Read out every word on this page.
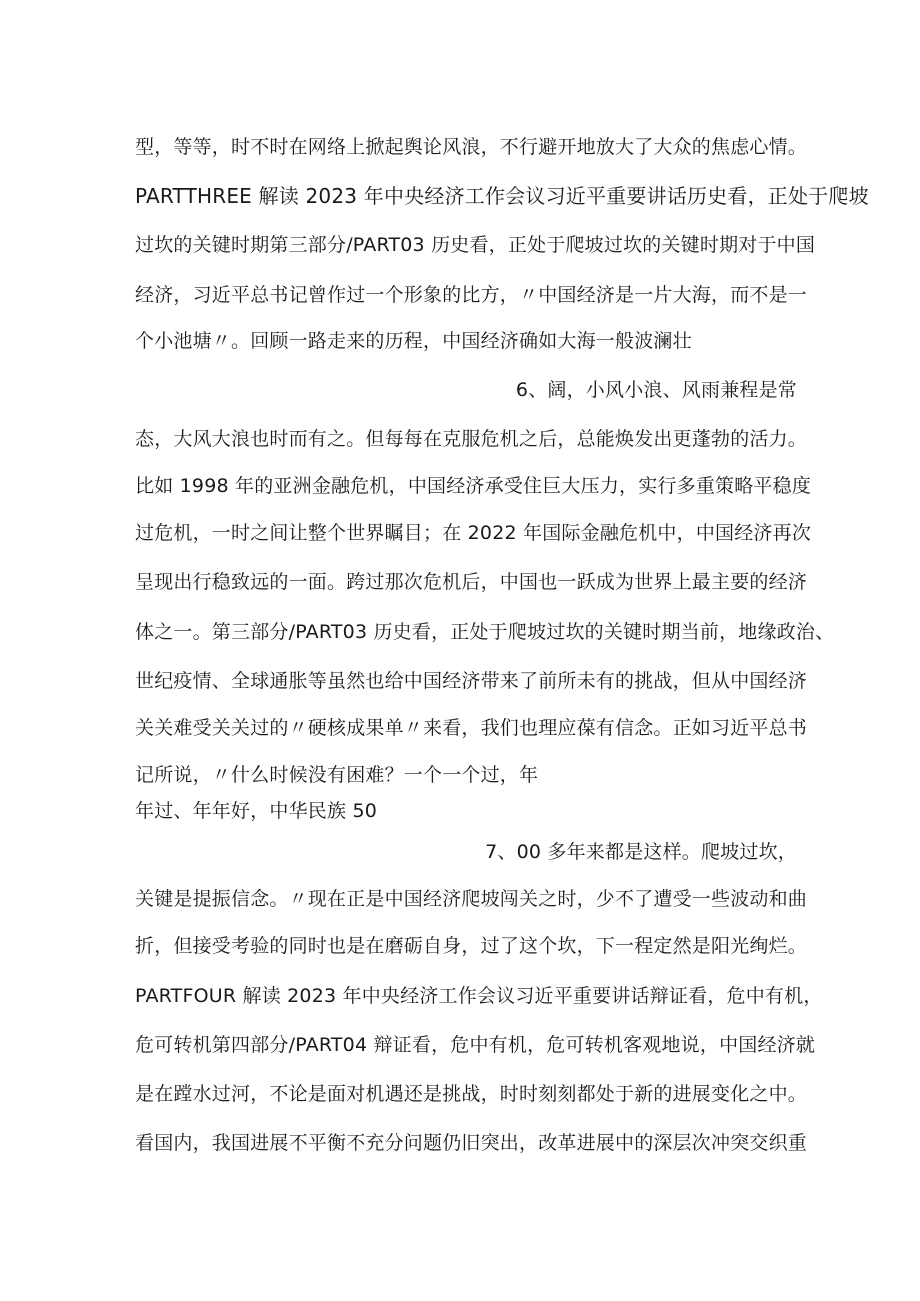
型，等等，时不时在网络上掀起舆论风浪，不行避开地放大了大众的焦虑心情。
PARTTHREE 解读 2023 年中央经济工作会议习近平重要讲话历史看，正处于爬坡
过坎的关键时期第三部分/PART03 历史看，正处于爬坡过坎的关键时期对于中国
经济，习近平总书记曾作过一个形象的比方，〃中国经济是一片大海，而不是一
个小池塘〃。回顾一路走来的历程，中国经济确如大海一般波澜壮
6、阔，小风小浪、风雨兼程是常
态，大风大浪也时而有之。但每每在克服危机之后，总能焕发出更蓬勃的活力。
比如 1998 年的亚洲金融危机，中国经济承受住巨大压力，实行多重策略平稳度
过危机，一时之间让整个世界瞩目；在 2022 年国际金融危机中，中国经济再次
呈现出行稳致远的一面。跨过那次危机后，中国也一跃成为世界上最主要的经济
体之一。第三部分/PART03 历史看，正处于爬坡过坎的关键时期当前，地缘政治、
世纪疫情、全球通胀等虽然也给中国经济带来了前所未有的挑战，但从中国经济
关关难受关关过的〃硬核成果单〃来看，我们也理应葆有信念。正如习近平总书
记所说，〃什么时候没有困难？一个一个过，年
年过、年年好，中华民族 50
7、00 多年来都是这样。爬坡过坎，
关键是提振信念。〃现在正是中国经济爬坡闯关之时，少不了遭受一些波动和曲
折，但接受考验的同时也是在磨砺自身，过了这个坎，下一程定然是阳光绚烂。
PARTFOUR 解读 2023 年中央经济工作会议习近平重要讲话辩证看，危中有机，
危可转机第四部分/PART04 辩证看，危中有机，危可转机客观地说，中国经济就
是在蹚水过河，不论是面对机遇还是挑战，时时刻刻都处于新的进展变化之中。
看国内，我国进展不平衡不充分问题仍旧突出，改革进展中的深层次冲突交织重
